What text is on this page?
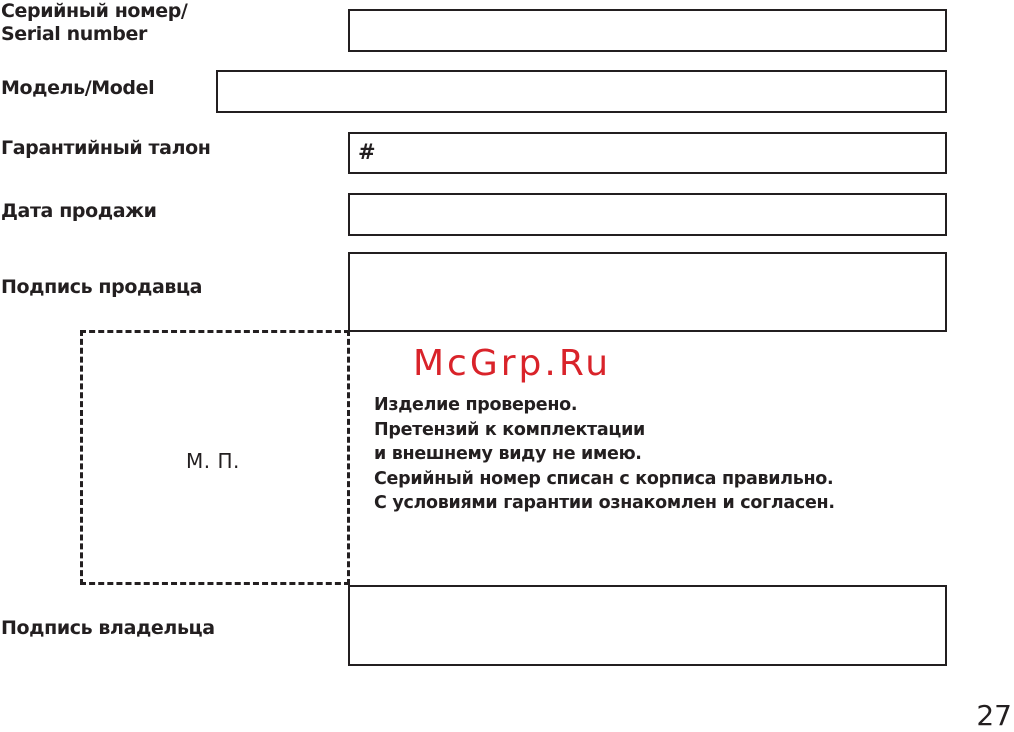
Серийный номер/
Serial number
Модель/Model
Гарантийный талон	#
Дата продажи
Подпись продавца
М. П.
McGrp.Ru
Изделие проверено.
Претензий к комплектации
и внешнему виду не имею.
Серийный номер списан с корписа правильно.
С условиями гарантии ознакомлен и согласен.
Подпись владельца
27
